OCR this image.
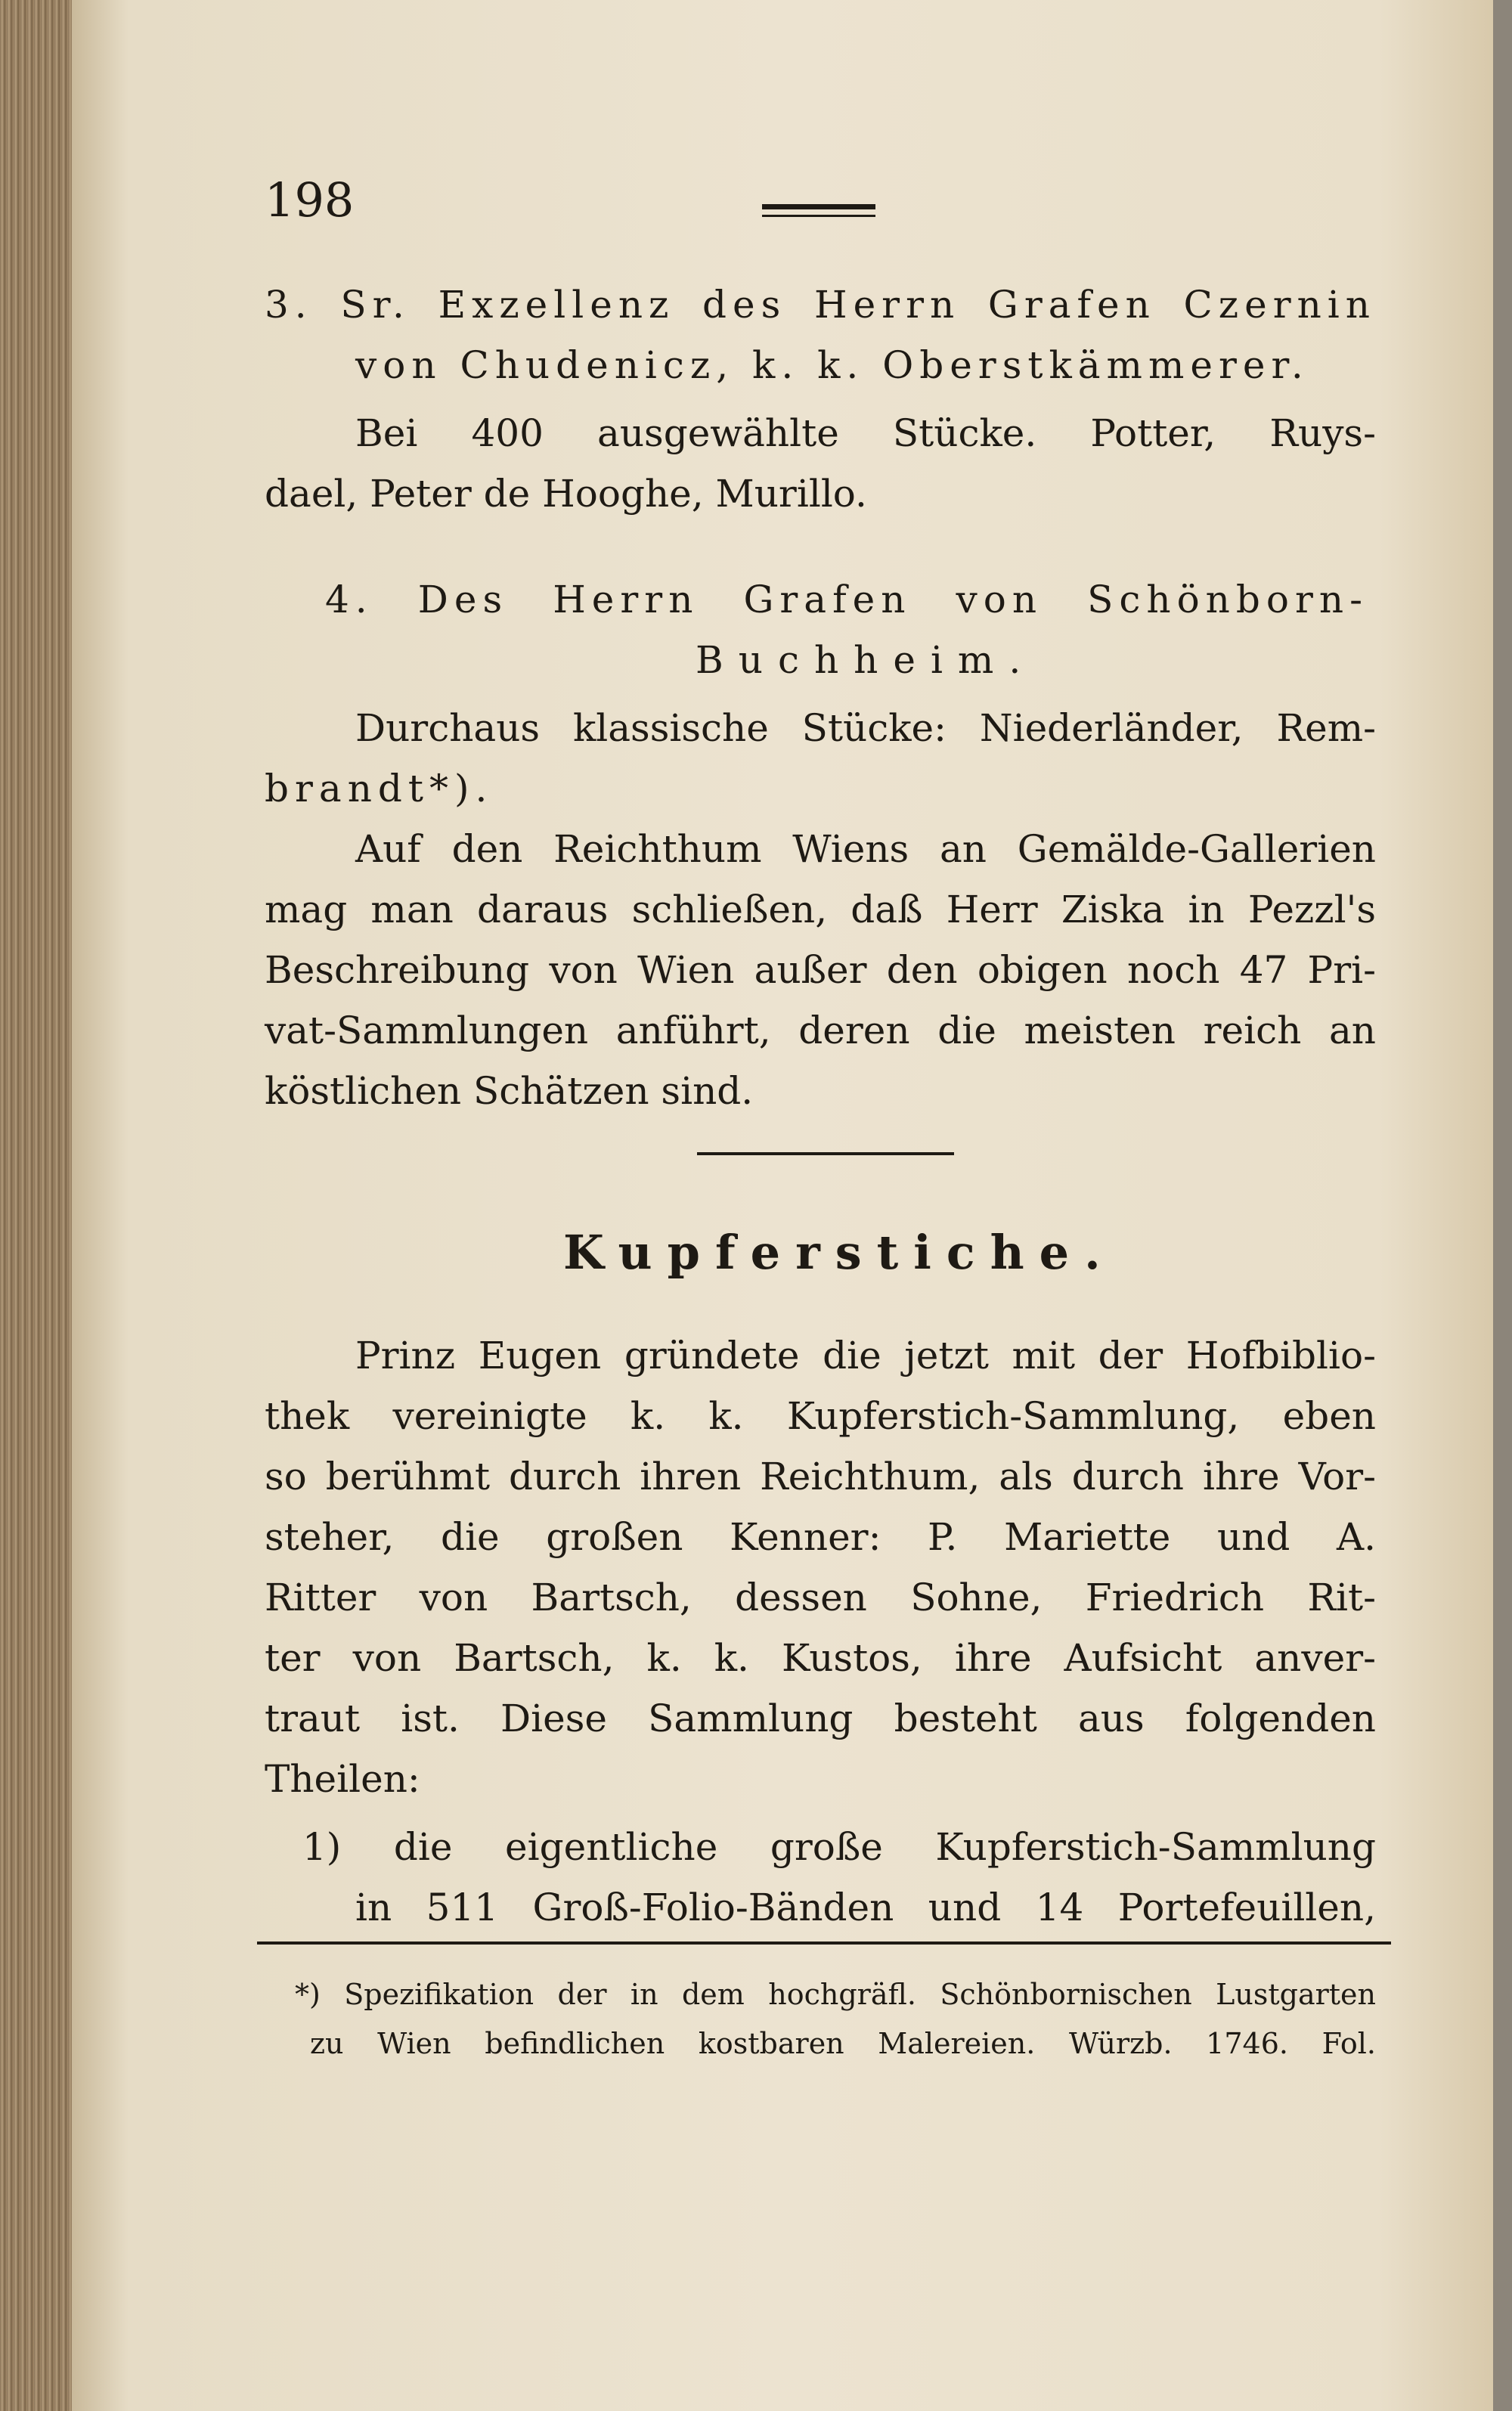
198
3. Sr. Exzellenz des Herrn Grafen Czernin
von Chudenicz, k. k. Oberstkämmerer.
Bei 400 ausgewählte Stücke. Potter, Ruys-
dael, Peter de Hooghe, Murillo.
4. Des Herrn Grafen von Schönborn-
Buchheim.
Durchaus klassische Stücke: Niederländer, Rem-
brandt*).
Auf den Reichthum Wiens an Gemälde-Gallerien
mag man daraus schließen, daß Herr Ziska in Pezzl's
Beschreibung von Wien außer den obigen noch 47 Pri-
vat-Sammlungen anführt, deren die meisten reich an
köstlichen Schätzen sind.
Kupferstiche.
Prinz Eugen gründete die jetzt mit der Hofbiblio-
thek vereinigte k. k. Kupferstich-Sammlung, eben
so berühmt durch ihren Reichthum, als durch ihre Vor-
steher, die großen Kenner: P. Mariette und A.
Ritter von Bartsch, dessen Sohne, Friedrich Rit-
ter von Bartsch, k. k. Kustos, ihre Aufsicht anver-
traut ist. Diese Sammlung besteht aus folgenden
Theilen:
1) die eigentliche große Kupferstich-Sammlung
in 511 Groß-Folio-Bänden und 14 Portefeuillen,
*) Spezifikation der in dem hochgräfl. Schönbornischen Lustgarten
zu Wien befindlichen kostbaren Malereien. Würzb. 1746. Fol.
